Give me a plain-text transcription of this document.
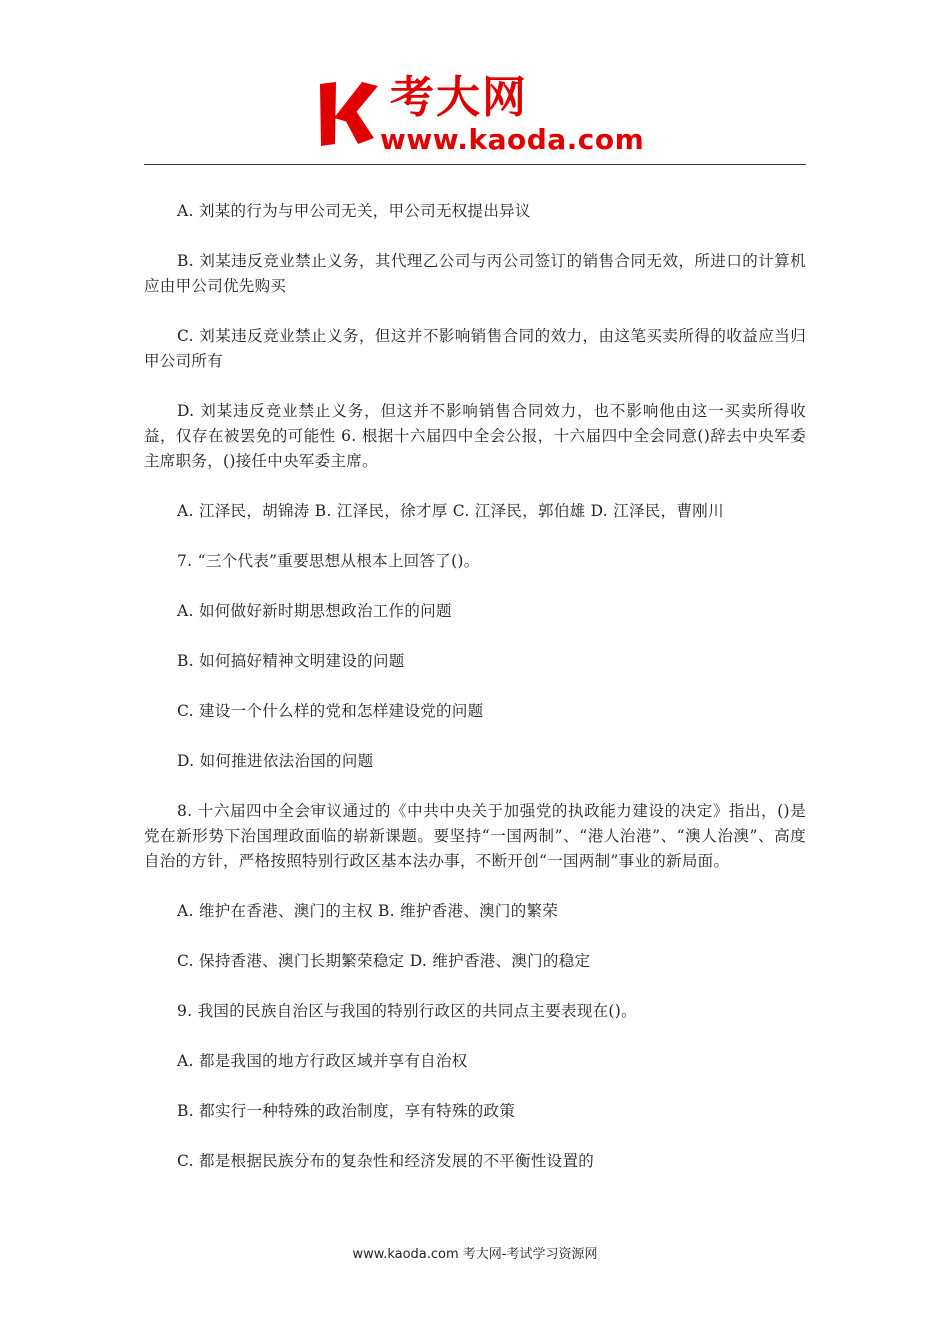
考大网
www.kaoda.com

A. 刘某的行为与甲公司无关，甲公司无权提出异议

B. 刘某违反竞业禁止义务，其代理乙公司与丙公司签订的销售合同无效，所进口的计算机应由甲公司优先购买

C. 刘某违反竞业禁止义务，但这并不影响销售合同的效力，由这笔买卖所得的收益应当归甲公司所有

D. 刘某违反竞业禁止义务，但这并不影响销售合同效力，也不影响他由这一买卖所得收益，仅存在被罢免的可能性 6. 根据十六届四中全会公报，十六届四中全会同意()辞去中央军委主席职务，()接任中央军委主席。

A. 江泽民，胡锦涛 B. 江泽民，徐才厚 C. 江泽民，郭伯雄 D. 江泽民，曹刚川

7. “三个代表”重要思想从根本上回答了()。

A. 如何做好新时期思想政治工作的问题

B. 如何搞好精神文明建设的问题

C. 建设一个什么样的党和怎样建设党的问题

D. 如何推进依法治国的问题

8. 十六届四中全会审议通过的《中共中央关于加强党的执政能力建设的决定》指出，()是党在新形势下治国理政面临的崭新课题。要坚持“一国两制”、“港人治港”、“澳人治澳”、高度自治的方针，严格按照特别行政区基本法办事，不断开创“一国两制”事业的新局面。

A. 维护在香港、澳门的主权 B. 维护香港、澳门的繁荣

C. 保持香港、澳门长期繁荣稳定 D. 维护香港、澳门的稳定

9. 我国的民族自治区与我国的特别行政区的共同点主要表现在()。

A. 都是我国的地方行政区域并享有自治权

B. 都实行一种特殊的政治制度，享有特殊的政策

C. 都是根据民族分布的复杂性和经济发展的不平衡性设置的

www.kaoda.com 考大网-考试学习资源网
